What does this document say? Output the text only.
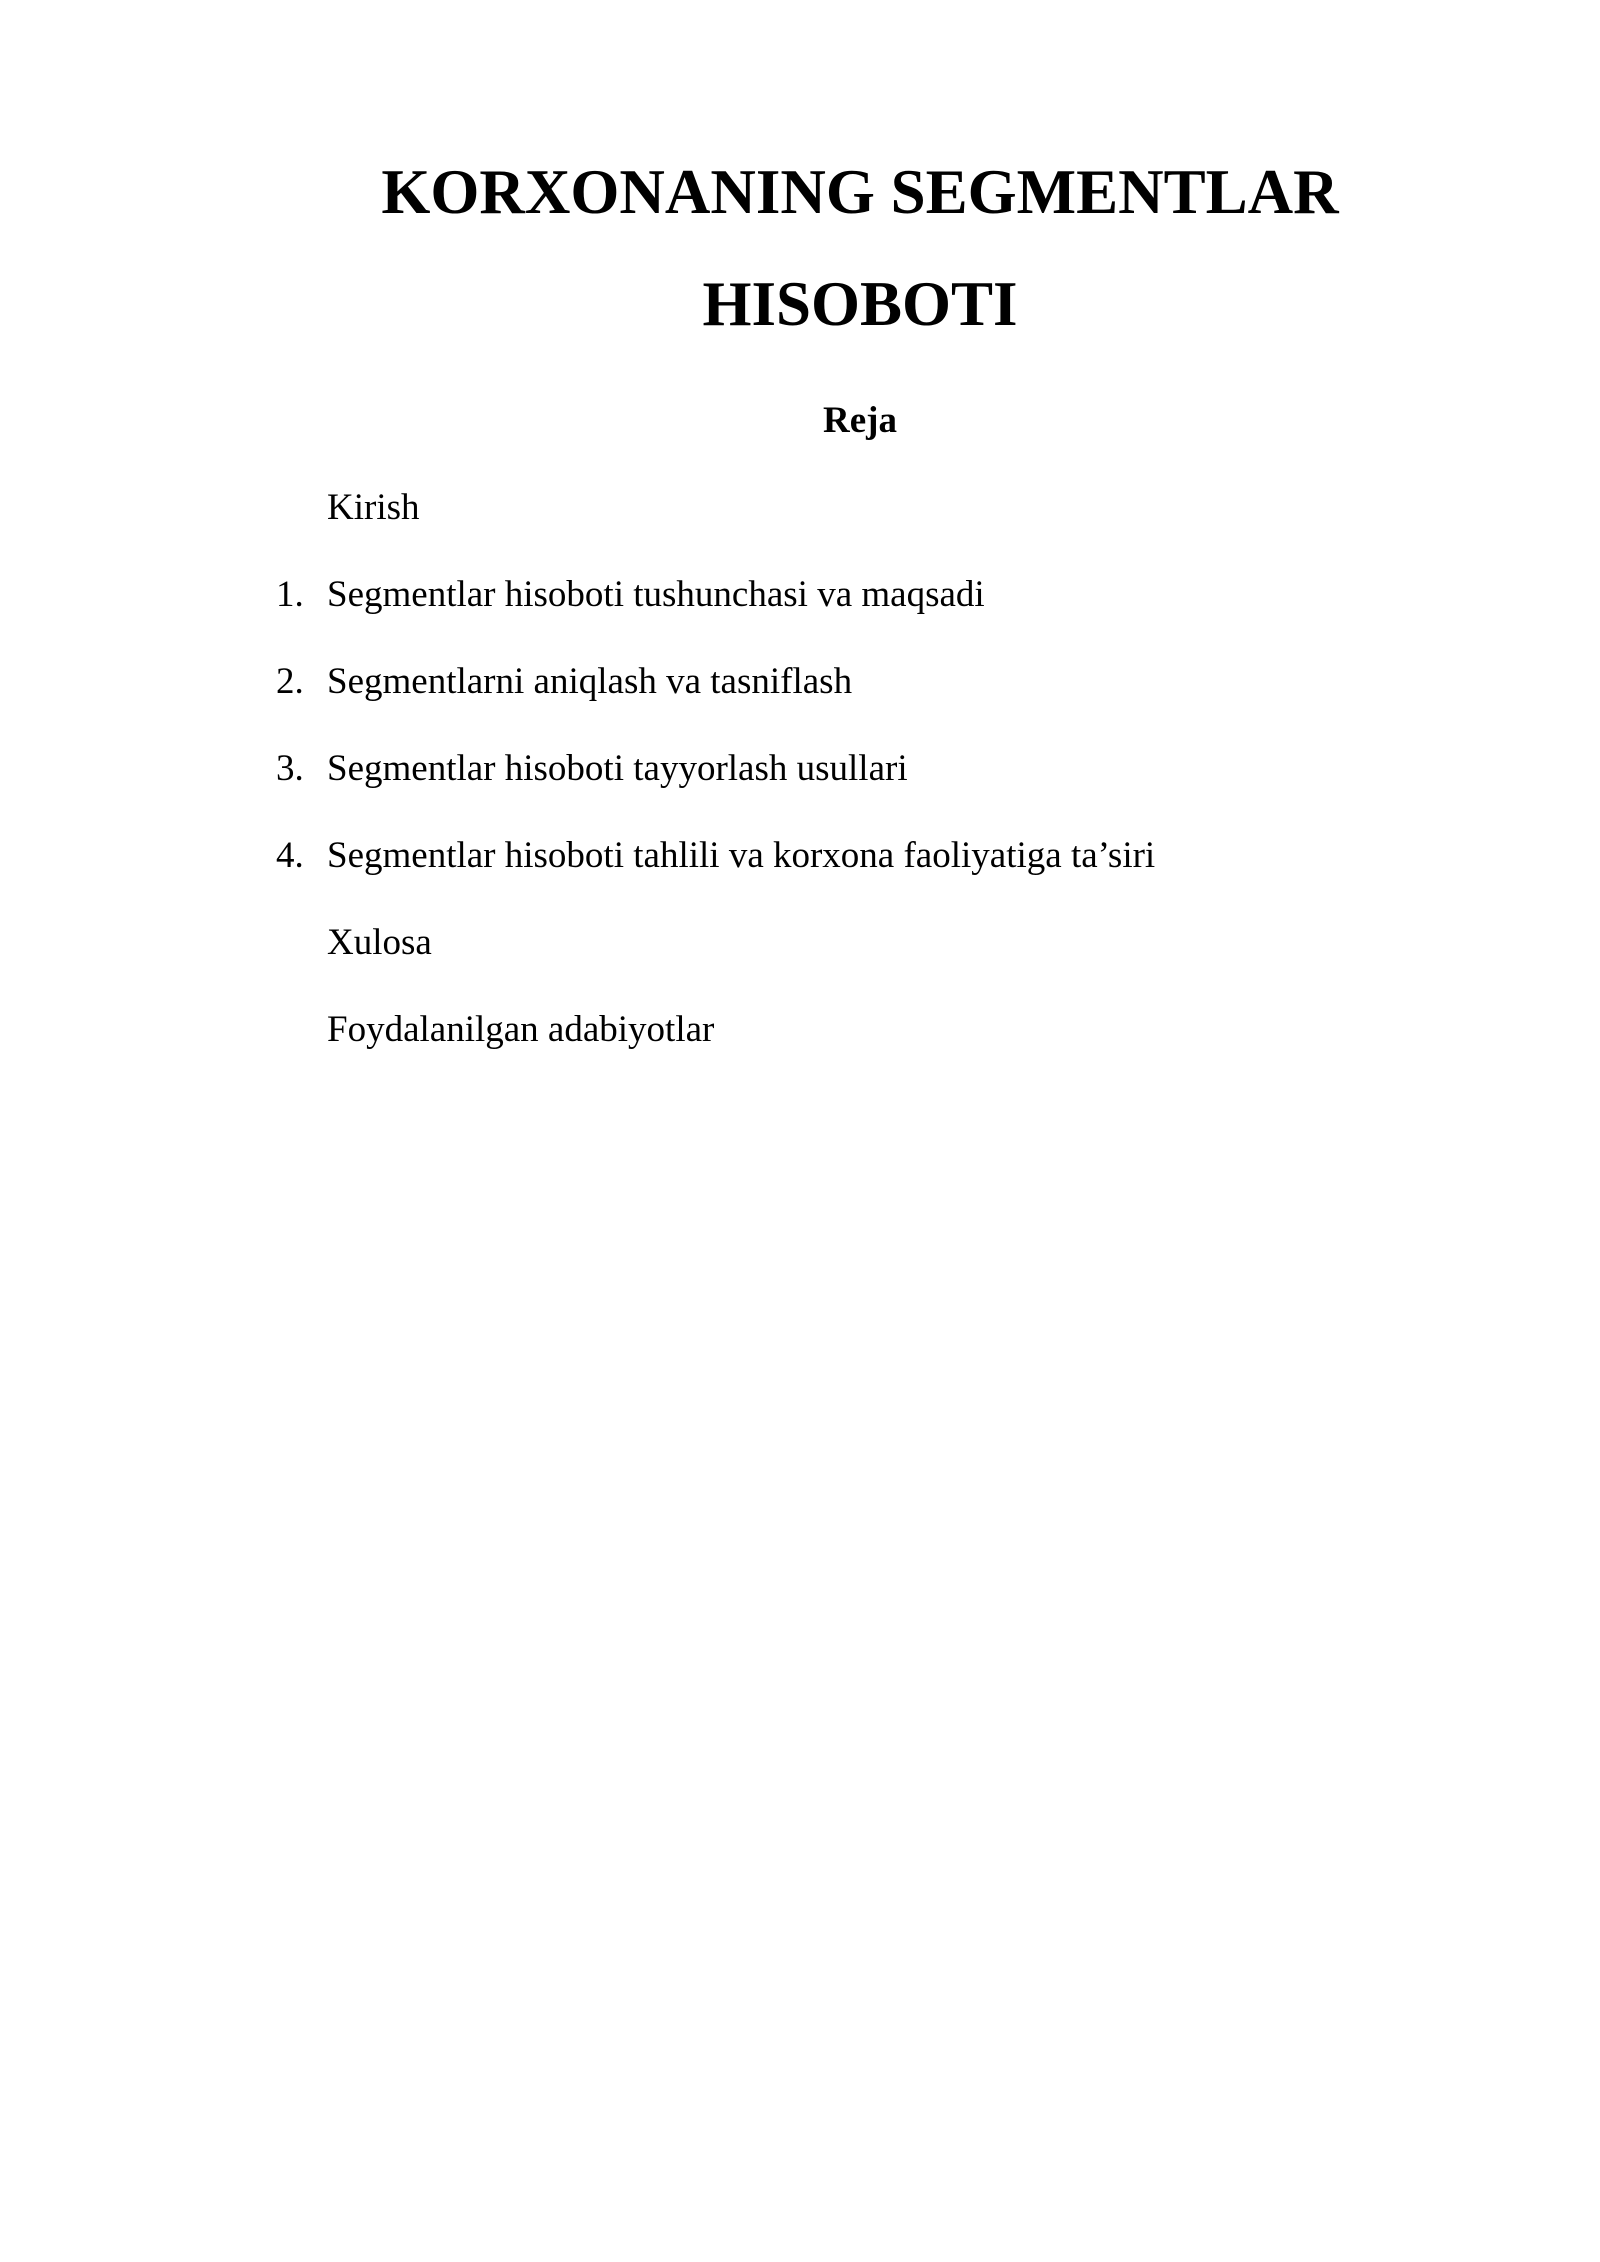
KORXONANING SEGMENTLAR
HISOBOTI
Reja
Kirish
1. Segmentlar hisoboti tushunchasi va maqsadi
2. Segmentlarni aniqlash va tasniflash
3. Segmentlar hisoboti tayyorlash usullari
4. Segmentlar hisoboti tahlili va korxona faoliyatiga ta’siri
Xulosa
Foydalanilgan adabiyotlar
